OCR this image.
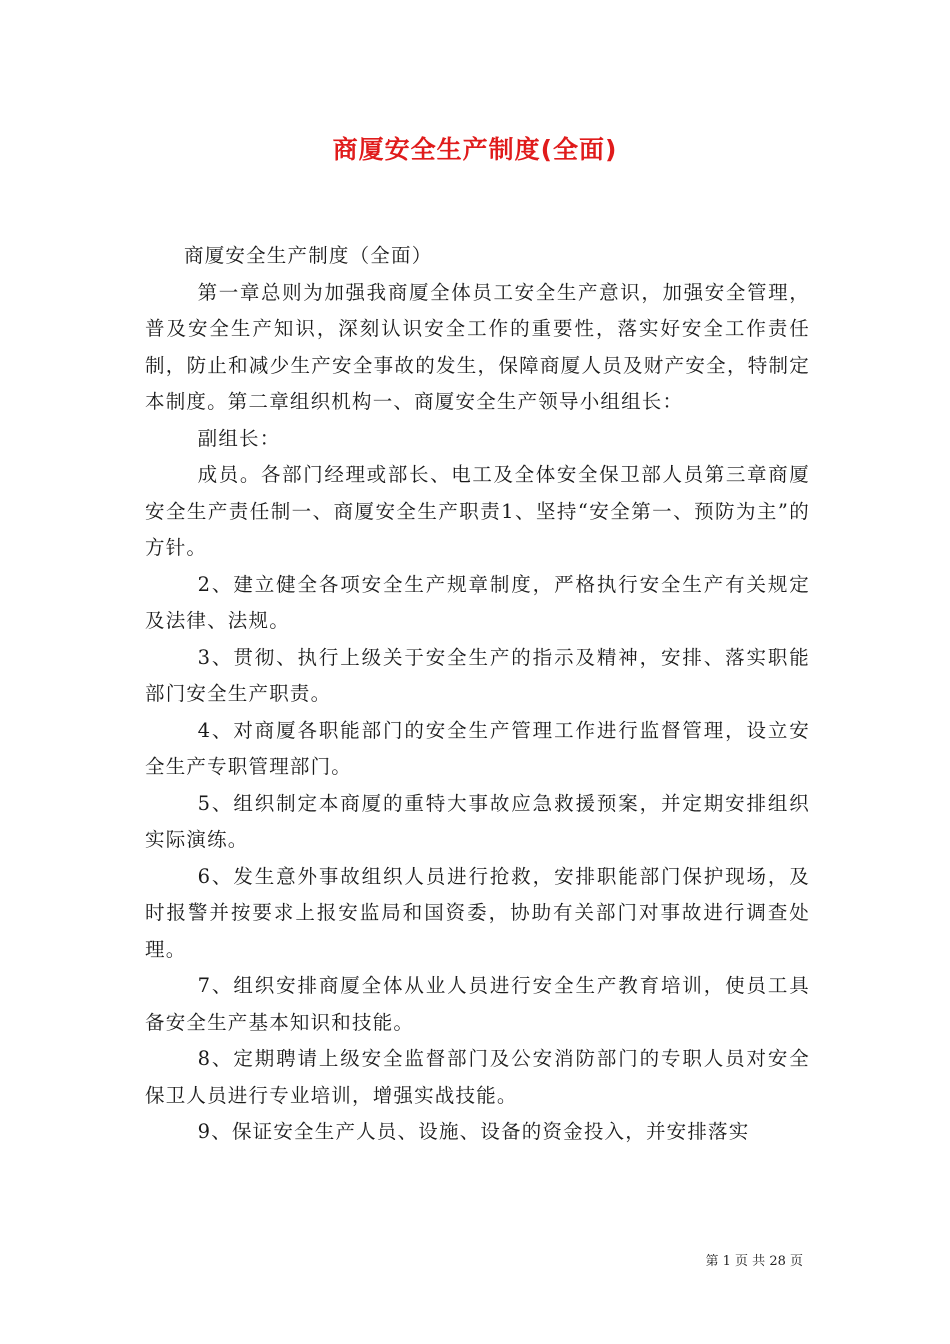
商厦安全生产制度(全面)

商厦安全生产制度（全面）

第一章总则为加强我商厦全体员工安全生产意识，加强安全管理，普及安全生产知识，深刻认识安全工作的重要性，落实好安全工作责任制，防止和减少生产安全事故的发生，保障商厦人员及财产安全，特制定本制度。第二章组织机构一、商厦安全生产领导小组组长：

副组长：

成员。各部门经理或部长、电工及全体安全保卫部人员第三章商厦安全生产责任制一、商厦安全生产职责1、坚持“安全第一、预防为主”的方针。

2、建立健全各项安全生产规章制度，严格执行安全生产有关规定及法律、法规。

3、贯彻、执行上级关于安全生产的指示及精神，安排、落实职能部门安全生产职责。

4、对商厦各职能部门的安全生产管理工作进行监督管理，设立安全生产专职管理部门。

5、组织制定本商厦的重特大事故应急救援预案，并定期安排组织实际演练。

6、发生意外事故组织人员进行抢救，安排职能部门保护现场，及时报警并按要求上报安监局和国资委，协助有关部门对事故进行调查处理。

7、组织安排商厦全体从业人员进行安全生产教育培训，使员工具备安全生产基本知识和技能。

8、定期聘请上级安全监督部门及公安消防部门的专职人员对安全保卫人员进行专业培训，增强实战技能。

9、保证安全生产人员、设施、设备的资金投入，并安排落实

第 1 页 共 28 页
